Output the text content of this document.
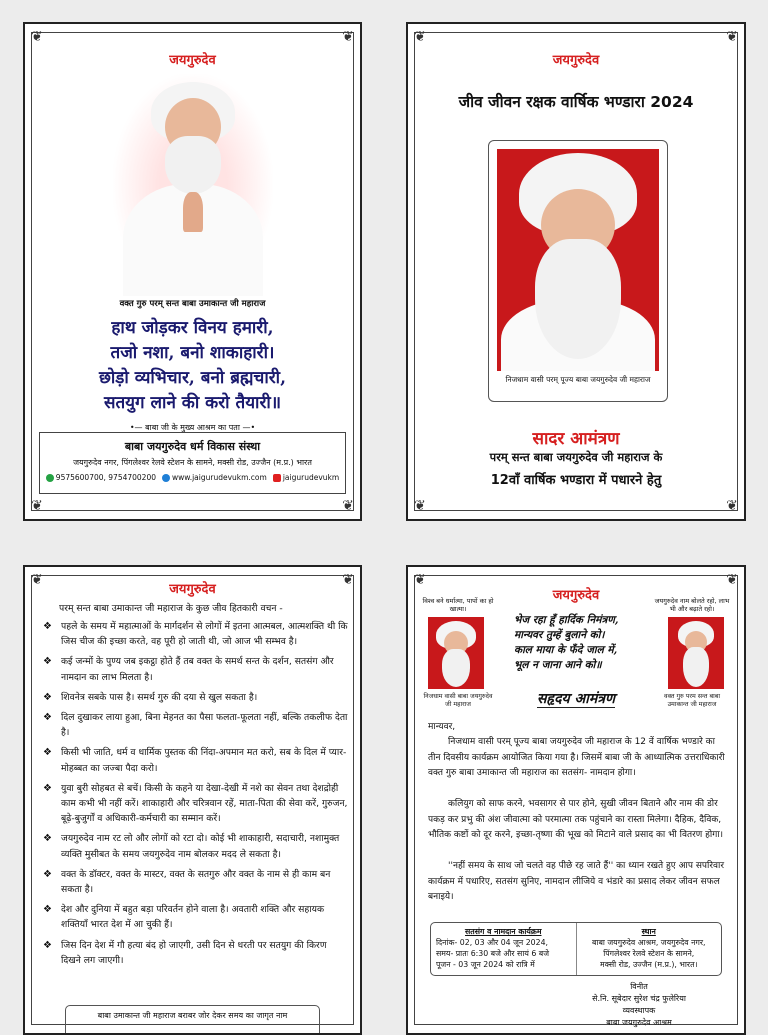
❦	❦
❦	❦
जयगुरुदेव
वक्त गुरु परम् सन्त बाबा उमाकान्त जी महाराज
हाथ जोड़कर विनय हमारी,
तजो नशा, बनो शाकाहारी।
छोड़ो व्यभिचार, बनो ब्रह्मचारी,
सतयुग लाने की करो तैयारी॥
•— बाबा जी के मुख्य आश्रम का पता —•
बाबा जयगुरुदेव धर्म विकास संस्था
जयगुरुदेव नगर, पिंगलेश्वर रेलवे स्टेशन के सामने, मक्सी रोड, उज्जैन (म.प्र.) भारत
9575600700, 9754700200	www.jaigurudevukm.com	jaigurudevukm
❦	❦
❦	❦
जयगुरुदेव
जीव जीवन रक्षक वार्षिक भण्डारा 2024
निजधाम वासी परम् पूज्य बाबा जयगुरुदेव जी महाराज
सादर आमंत्रण
परम् सन्त बाबा जयगुरुदेव जी महाराज के
12वाँ वार्षिक भण्डारा में पधारने हेतु
❦	❦
जयगुरुदेव
परम् सन्त बाबा उमाकान्त जी महाराज के कुछ जीव हितकारी वचन -
❖ पहले के समय में महात्माओं के मार्गदर्शन से लोगों में इतना आत्मबल, आत्मशक्ति थी कि जिस चीज की इच्छा करते, वह पूरी हो जाती थी, जो आज भी सम्भव है।
❖ कई जन्मों के पुण्य जब इकट्ठा होते हैं तब वक्त के समर्थ सन्त के दर्शन, सतसंग और नामदान का लाभ मिलता है।
❖ शिवनेत्र सबके पास है। समर्थ गुरु की दया से खुल सकता है।
❖ दिल दुखाकर लाया हुआ, बिना मेहनत का पैसा फलता-फूलता नहीं, बल्कि तकलीफ देता है।
❖ किसी भी जाति, धर्म व धार्मिक पुस्तक की निंदा-अपमान मत करो, सब के दिल में प्यार-मोहब्बत का जज्बा पैदा करो।
❖ युवा बुरी सोहबत से बचें। किसी के कहने या देखा-देखी में नशे का सेवन तथा देशद्रोही काम कभी भी नहीं करें। शाकाहारी और चरित्रवान रहें, माता-पिता की सेवा करें, गुरुजन, बूढ़े-बुजुर्गों व अधिकारी-कर्मचारी का सम्मान करें।
❖ जयगुरुदेव नाम रट लो और लोगों को रटा दो। कोई भी शाकाहारी, सदाचारी, नशामुक्त व्यक्ति मुसीबत के समय जयगुरुदेव नाम बोलकर मदद ले सकता है।
❖ वक्त के डॉक्टर, वक्त के मास्टर, वक्त के सतगुरु और वक्त के नाम से ही काम बन सकता है।
❖ देश और दुनिया में बहुत बड़ा परिवर्तन होने वाला है। अवतारी शक्ति और सहायक शक्तियाँ भारत देश में आ चुकी हैं।
❖ जिस दिन देश में गौ हत्या बंद हो जाएगी, उसी दिन से धरती पर सतयुग की किरण दिखने लग जाएगी।
बाबा उमाकान्त जी महाराज बराबर जोर देकर समय का जागृत नाम
❦	❦
जयगुरुदेव
विश्व बने धर्मात्मा, पापों का हो खात्मा।
जयगुरुदेव नाम बोलते रहो, लाभ भी और बढ़ाते रहो।
निजधाम वासी बाबा जयगुरुदेव जी महाराज
वक्त गुरु परम सन्त बाबा उमाकान्त जी महाराज
भेज रहा हूँ हार्दिक निमंत्रण,
मान्यवर तुम्हें बुलाने को।
काल माया के फँदे जाल में,
भूल न जाना आने को॥
सहृदय आमंत्रण
मान्यवर,
निजधाम वासी परम् पूज्य बाबा जयगुरुदेव जी महाराज के 12 वें वार्षिक भण्डारे का तीन दिवसीय कार्यक्रम आयोजित किया गया है। जिसमें बाबा जी के आध्यात्मिक उत्तराधिकारी वक्त गुरु बाबा उमाकान्त जी महाराज का सतसंग- नामदान होगा।
कलियुग को साफ करने, भवसागर से पार होने, सुखी जीवन बिताने और नाम की डोर पकड़ कर प्रभु की अंश जीवात्मा को परमात्मा तक पहुंचाने का रास्ता मिलेगा। दैहिक, दैविक, भौतिक कष्टों को दूर करने, इच्छा-तृष्णा की भूख को मिटाने वाले प्रसाद का भी वितरण होगा।
''नहीं समय के साथ जो चलते वह पीछे रह जाते हैं'' का ध्यान रखते हुए आप सपरिवार कार्यक्रम में पधारिए, सतसंग सुनिए, नामदान लीजिये व भंडारे का प्रसाद लेकर जीवन सफल बनाइये।
सतसंग व नामदान कार्यक्रम
दिनांक- 02, 03 और 04 जून 2024,
समय- प्रातः 6:30 बजे और सायं 6 बजे
पूजन - 03 जून 2024 को रात्रि में
स्थान
बाबा जयगुरुदेव आश्रम, जयगुरुदेव नगर,
पिंगलेश्वर रेलवे स्टेशन के सामने,
मक्सी रोड, उज्जैन (म.प्र.), भारत।
विनीत
से.नि. सूबेदार सुरेश चंद्र फुलेरिया
व्यवस्थापक
बाबा जयगुरुदेव आश्रम
